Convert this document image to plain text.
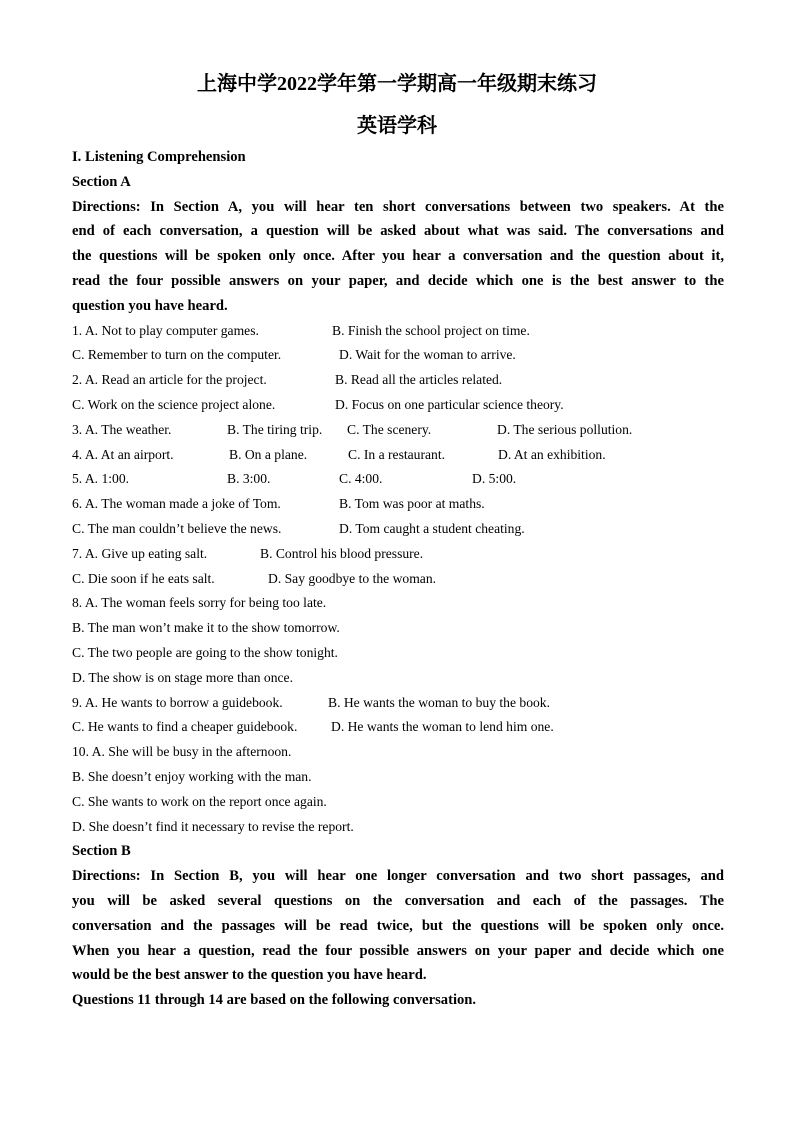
上海中学2022学年第一学期高一年级期末练习
英语学科
I. Listening Comprehension
Section A
Directions: In Section A, you will hear ten short conversations between two speakers. At the
end of each conversation, a question will be asked about what was said. The conversations and
the questions will be spoken only once. After you hear a conversation and the question about it,
read the four possible answers on your paper, and decide which one is the best answer to the
question you have heard.
1. A. Not to play computer games.	B. Finish the school project on time.
C. Remember to turn on the computer.	D. Wait for the woman to arrive.
2. A. Read an article for the project.	B. Read all the articles related.
C. Work on the science project alone.	D. Focus on one particular science theory.
3. A. The weather.	B. The tiring trip. C. The scenery.	D. The serious pollution.
4. A. At an airport.	B. On a plane.	C. In a restaurant.	D. At an exhibition.
5. A. 1:00.	B. 3:00.	C. 4:00.	D. 5:00.
6. A. The woman made a joke of Tom.	B. Tom was poor at maths.
C. The man couldn’t believe the news.	D. Tom caught a student cheating.
7. A. Give up eating salt.	B. Control his blood pressure.
C. Die soon if he eats salt.	D. Say goodbye to the woman.
8. A. The woman feels sorry for being too late.
B. The man won’t make it to the show tomorrow.
C. The two people are going to the show tonight.
D. The show is on stage more than once.
9. A. He wants to borrow a guidebook.	B. He wants the woman to buy the book.
C. He wants to find a cheaper guidebook. D. He wants the woman to lend him one.
10. A. She will be busy in the afternoon.
B. She doesn’t enjoy working with the man.
C. She wants to work on the report once again.
D. She doesn’t find it necessary to revise the report.
Section B
Directions: In Section B, you will hear one longer conversation and two short passages, and
you will be asked several questions on the conversation and each of the passages. The
conversation and the passages will be read twice, but the questions will be spoken only once.
When you hear a question, read the four possible answers on your paper and decide which one
would be the best answer to the question you have heard.
Questions 11 through 14 are based on the following conversation.
